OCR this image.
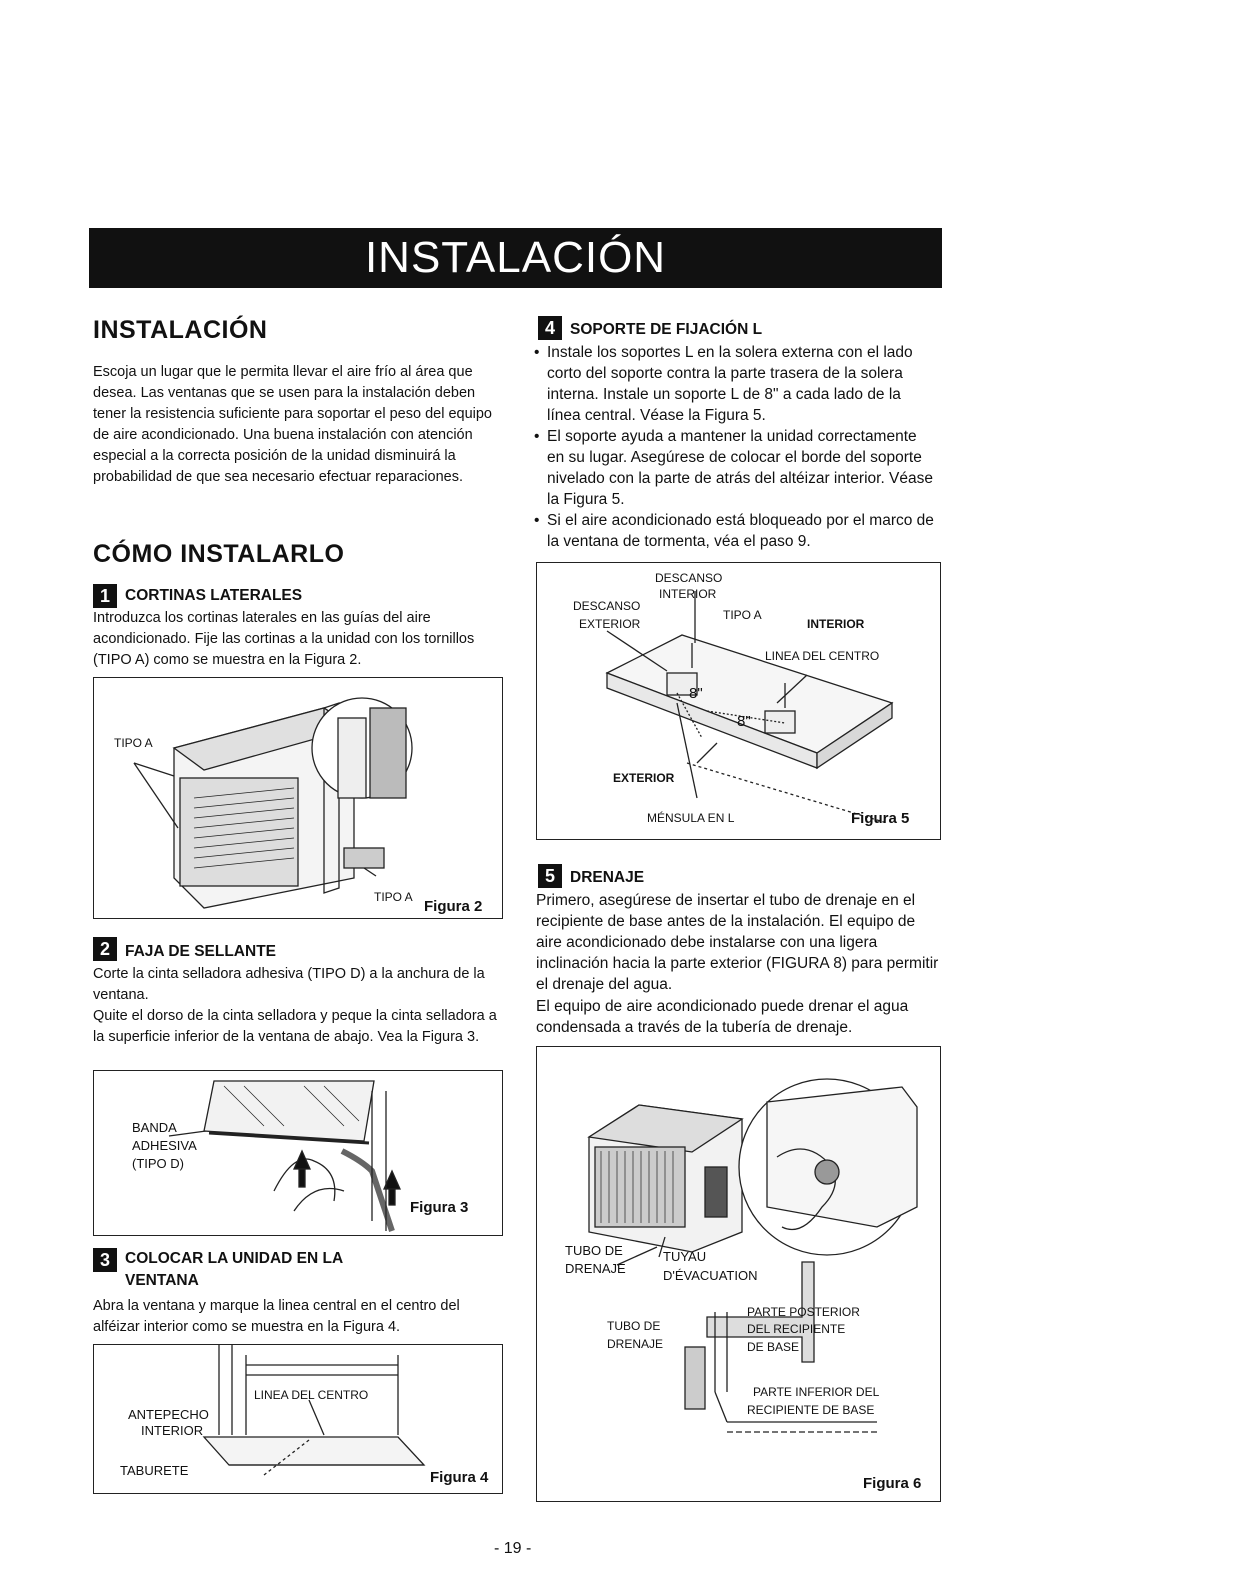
INSTALACIÓN
INSTALACIÓN
Escoja un lugar que le permita llevar el aire frío al área que desea. Las ventanas que se usen para la instalación deben tener la resistencia suficiente para soportar el peso del equipo de aire acondicionado. Una buena instalación con atención especial a la correcta posición de la unidad disminuirá la probabilidad de que sea necesario efectuar reparaciones.
CÓMO INSTALARLO
1 CORTINAS LATERALES
Introduzca los cortinas laterales en las guías del aire acondicionado. Fije las cortinas a la unidad con los tornillos (TIPO A) como se muestra en la Figura 2.
TIPO A
TIPO A
Figura 2
2 FAJA DE SELLANTE
Corte la cinta selladora adhesiva (TIPO D) a la anchura de la ventana.
Quite el dorso de la cinta selladora y peque la cinta selladora a la superficie inferior de la ventana de abajo. Vea la Figura 3.
BANDA
ADHESIVA
(TIPO D)
Figura 3
3 COLOCAR LA UNIDAD EN LA
VENTANA
Abra la ventana y marque la linea central en el centro del alféizar interior como se muestra en la Figura 4.
LINEA DEL CENTRO
ANTEPECHO
INTERIOR
TABURETE	Figura 4
4 SOPORTE DE FIJACIÓN L
• Instale los soportes L en la solera externa con el lado corto del soporte contra la parte trasera de la solera interna. Instale un soporte L de 8" a cada lado de la línea central. Véase la Figura 5.
• El soporte ayuda a mantener la unidad correctamente en su lugar. Asegúrese de colocar el borde del soporte nivelado con la parte de atrás del altéizar interior. Véase la Figura 5.
• Si el aire acondicionado está bloqueado por el marco de la ventana de tormenta, véa el paso 9.
DESCANSO
INTERIOR
DESCANSO
EXTERIOR
TIPO A
INTERIOR
LINEA DEL CENTRO
8"
8"
EXTERIOR
MÉNSULA EN L	Figura 5
5 DRENAJE
Primero, asegúrese de insertar el tubo de drenaje en el recipiente de base antes de la instalación. El equipo de aire acondicionado debe instalarse con una ligera inclinación hacia la parte exterior (FIGURA 8) para permitir el drenaje del agua.
El equipo de aire acondicionado puede drenar el agua condensada a través de la tubería de drenaje.
TUBO DE
DRENAJE
TUYAU
D'ÉVACUATION
TUBO DE
DRENAJE
PARTE POSTERIOR
DEL RECIPIENTE
DE BASE
PARTE INFERIOR DEL
RECIPIENTE DE BASE
Figura 6
- 19 -
